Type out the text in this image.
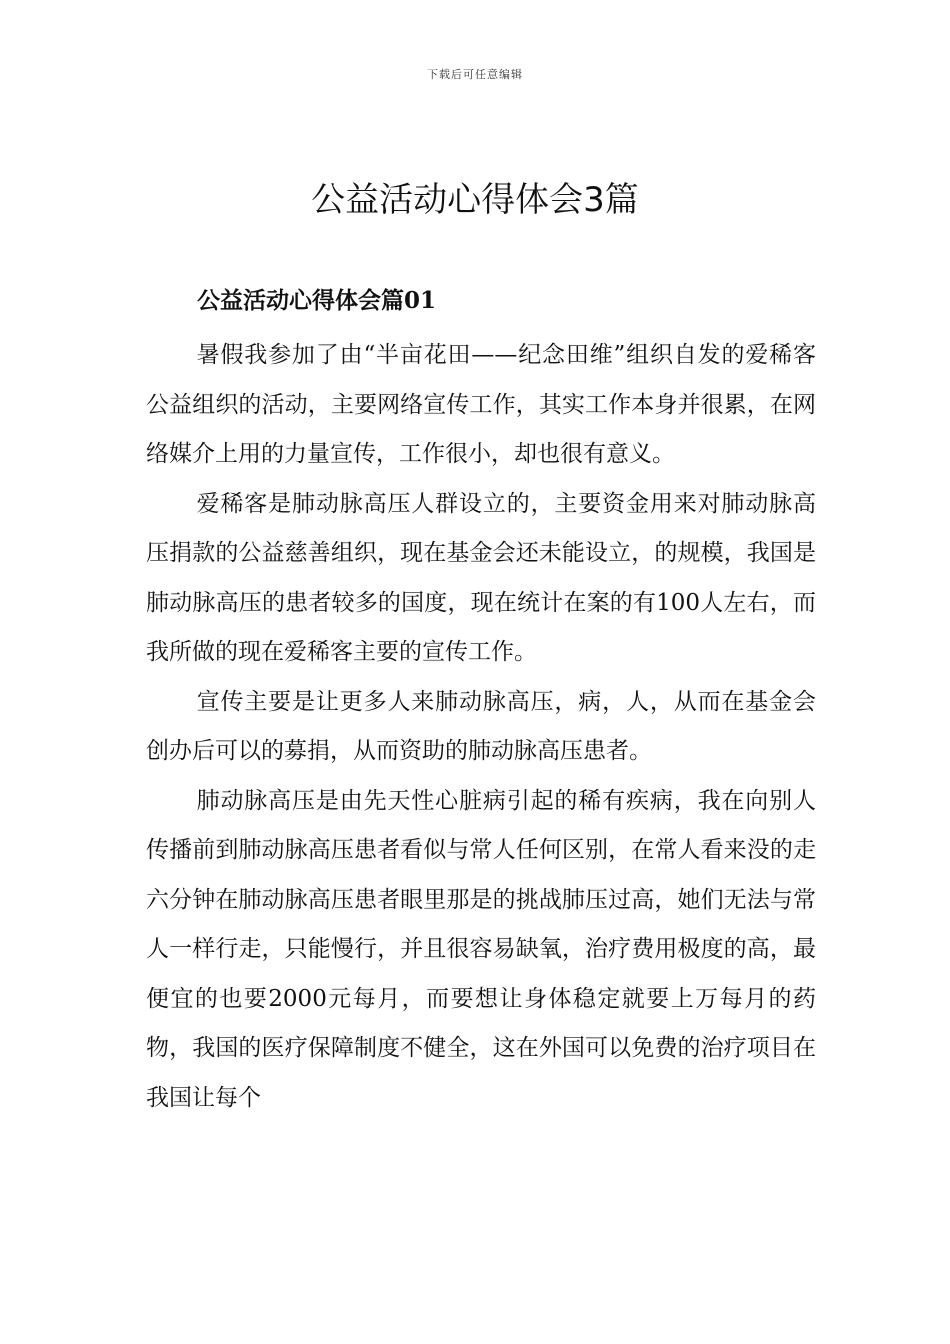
下载后可任意编辑
公益活动心得体会3篇
公益活动心得体会篇01

暑假我参加了由“半亩花田——纪念田维”组织自发的爱稀客公益组织的活动，主要网络宣传工作，其实工作本身并很累，在网络媒介上用的力量宣传，工作很小，却也很有意义。

爱稀客是肺动脉高压人群设立的，主要资金用来对肺动脉高压捐款的公益慈善组织，现在基金会还未能设立，的规模，我国是肺动脉高压的患者较多的国度，现在统计在案的有100人左右，而我所做的现在爱稀客主要的宣传工作。

宣传主要是让更多人来肺动脉高压，病，人，从而在基金会创办后可以的募捐，从而资助的肺动脉高压患者。

肺动脉高压是由先天性心脏病引起的稀有疾病，我在向别人传播前到肺动脉高压患者看似与常人任何区别，在常人看来没的走六分钟在肺动脉高压患者眼里那是的挑战肺压过高，她们无法与常人一样行走，只能慢行，并且很容易缺氧，治疗费用极度的高，最便宜的也要2000元每月，而要想让身体稳定就要上万每月的药物，我国的医疗保障制度不健全，这在外国可以免费的治疗项目在我国让每个
